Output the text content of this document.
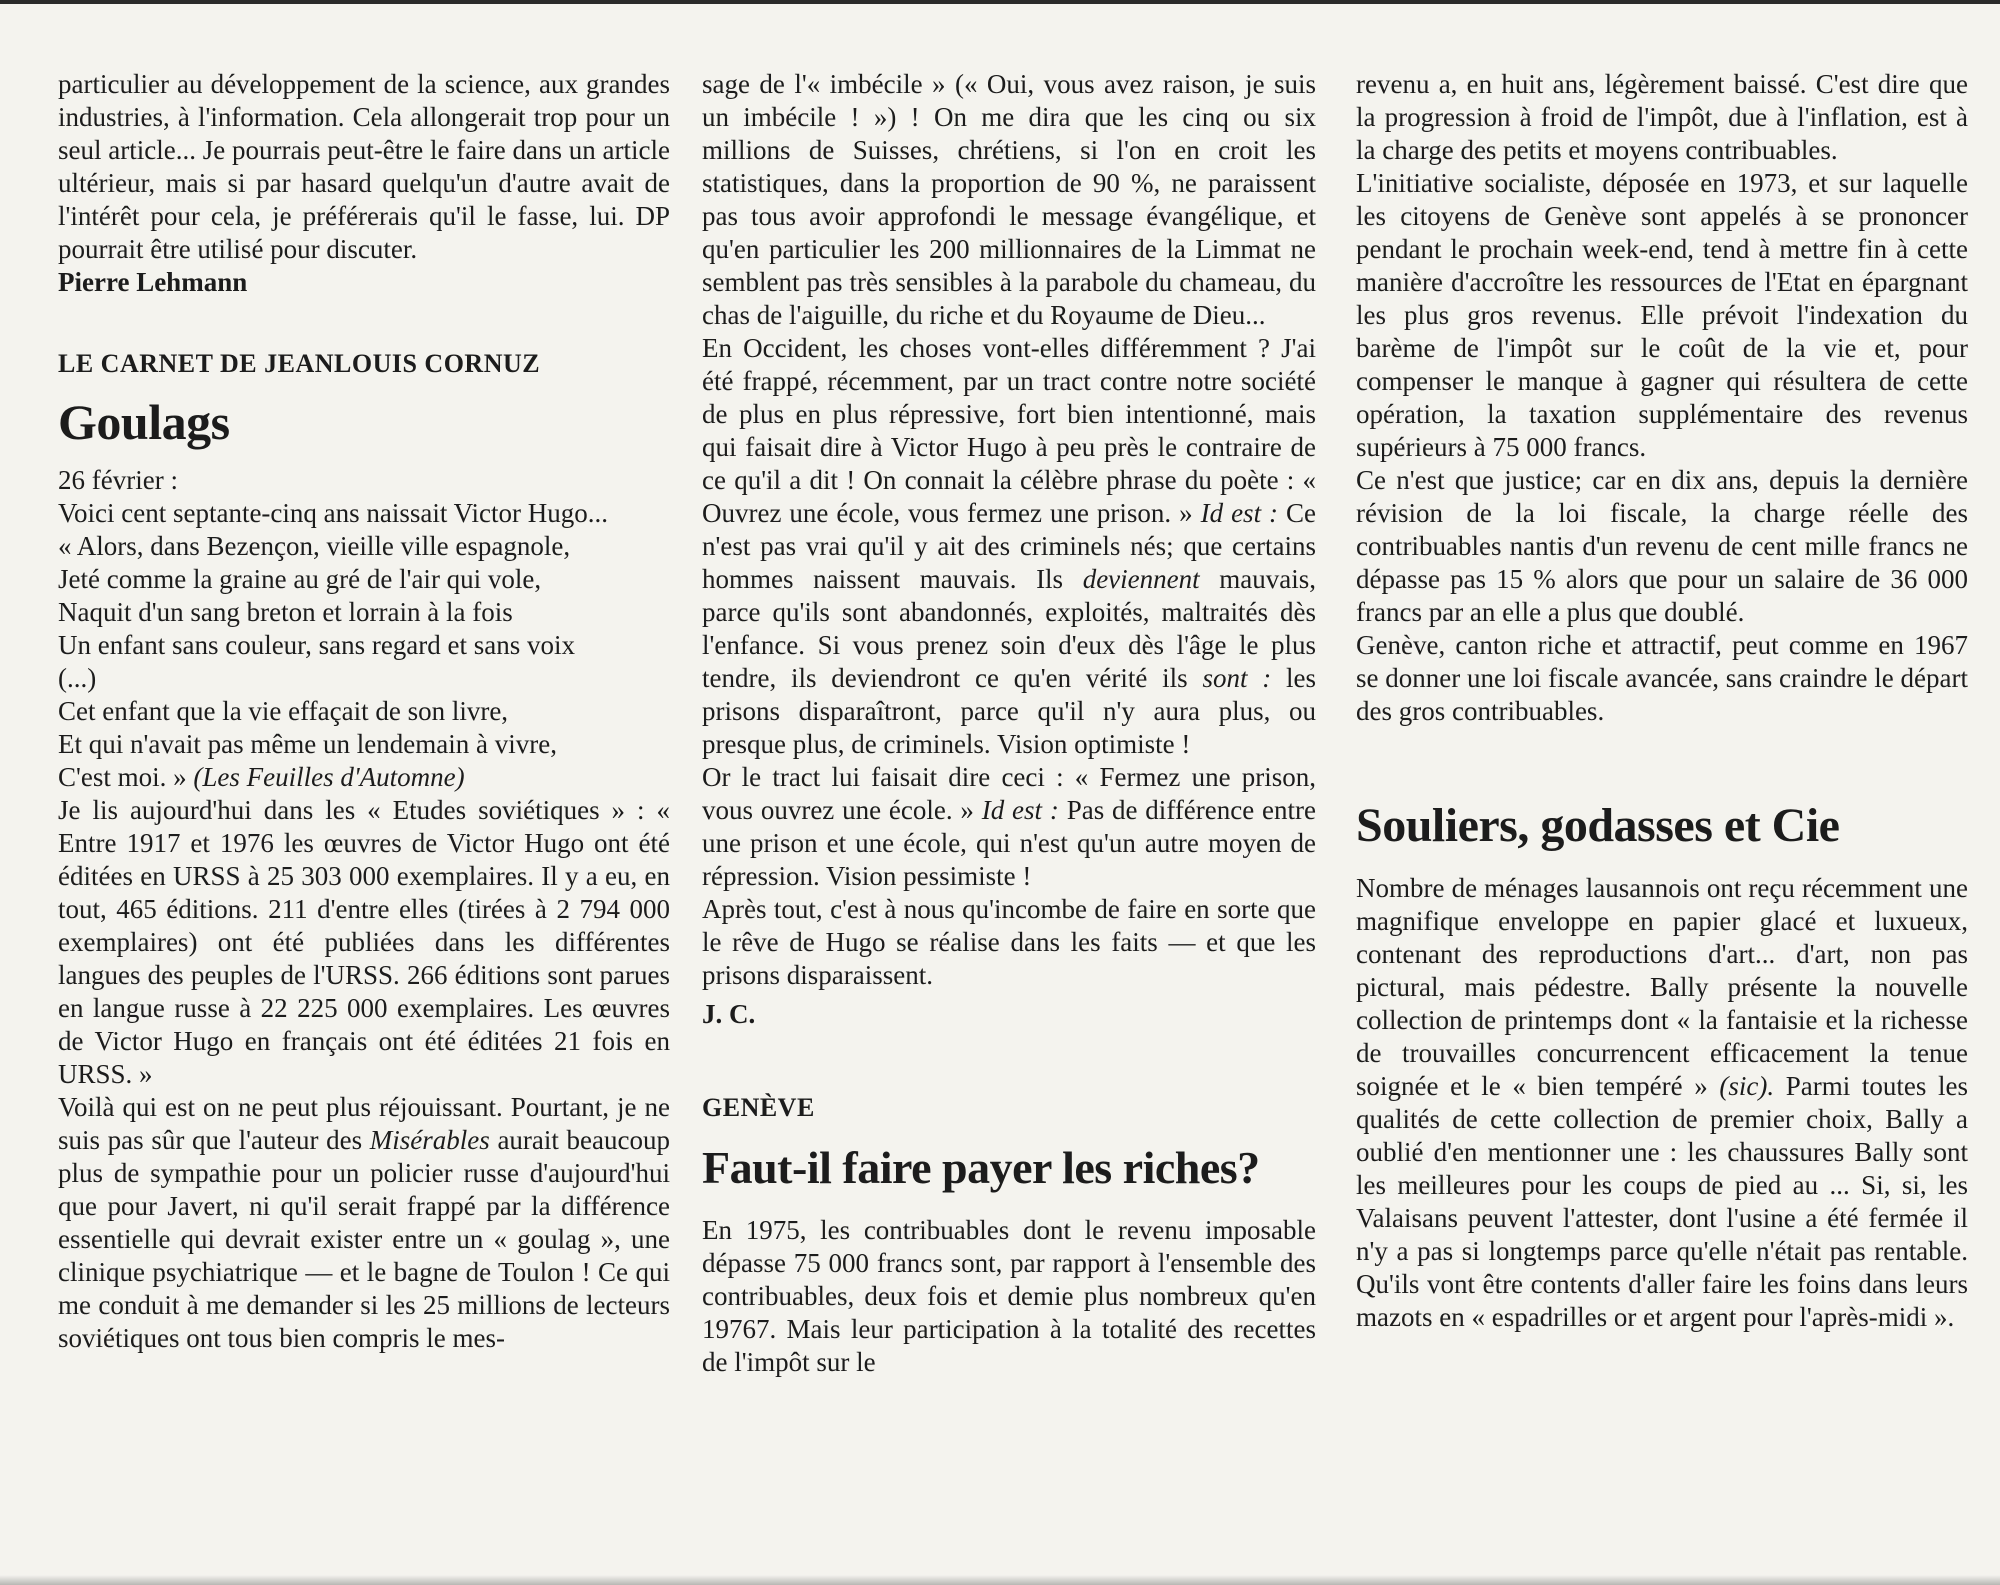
particulier au développement de la science, aux grandes industries, à l'information. Cela allongerait trop pour un seul article... Je pourrais peut-être le faire dans un article ultérieur, mais si par hasard quelqu'un d'autre avait de l'intérêt pour cela, je préférerais qu'il le fasse, lui. DP pourrait être utilisé pour discuter.

Pierre Lehmann

LE CARNET DE JEANLOUIS CORNUZ

Goulags

26 février :

Voici cent septante-cinq ans naissait Victor Hugo...

« Alors, dans Bezençon, vieille ville espagnole,

Jeté comme la graine au gré de l'air qui vole,

Naquit d'un sang breton et lorrain à la fois

Un enfant sans couleur, sans regard et sans voix

(...)

Cet enfant que la vie effaçait de son livre,

Et qui n'avait pas même un lendemain à vivre,

C'est moi. » (Les Feuilles d'Automne)

Je lis aujourd'hui dans les « Etudes soviétiques » : « Entre 1917 et 1976 les œuvres de Victor Hugo ont été éditées en URSS à 25 303 000 exemplaires. Il y a eu, en tout, 465 éditions. 211 d'entre elles (tirées à 2 794 000 exemplaires) ont été publiées dans les différentes langues des peuples de l'URSS. 266 éditions sont parues en langue russe à 22 225 000 exemplaires. Les œuvres de Victor Hugo en français ont été éditées 21 fois en URSS. »

Voilà qui est on ne peut plus réjouissant. Pourtant, je ne suis pas sûr que l'auteur des Misérables aurait beaucoup plus de sympathie pour un policier russe d'aujourd'hui que pour Javert, ni qu'il serait frappé par la différence essentielle qui devrait exister entre un « goulag », une clinique psychiatrique — et le bagne de Toulon ! Ce qui me conduit à me demander si les 25 millions de lecteurs soviétiques ont tous bien compris le mes-

sage de l'« imbécile » (« Oui, vous avez raison, je suis un imbécile ! ») ! On me dira que les cinq ou six millions de Suisses, chrétiens, si l'on en croit les statistiques, dans la proportion de 90 %, ne paraissent pas tous avoir approfondi le message évangélique, et qu'en particulier les 200 millionnaires de la Limmat ne semblent pas très sensibles à la parabole du chameau, du chas de l'aiguille, du riche et du Royaume de Dieu...

En Occident, les choses vont-elles différemment ? J'ai été frappé, récemment, par un tract contre notre société de plus en plus répressive, fort bien intentionné, mais qui faisait dire à Victor Hugo à peu près le contraire de ce qu'il a dit ! On connait la célèbre phrase du poète : « Ouvrez une école, vous fermez une prison. » Id est : Ce n'est pas vrai qu'il y ait des criminels nés; que certains hommes naissent mauvais. Ils deviennent mauvais, parce qu'ils sont abandonnés, exploités, maltraités dès l'enfance. Si vous prenez soin d'eux dès l'âge le plus tendre, ils deviendront ce qu'en vérité ils sont : les prisons disparaîtront, parce qu'il n'y aura plus, ou presque plus, de criminels. Vision optimiste !

Or le tract lui faisait dire ceci : « Fermez une prison, vous ouvrez une école. » Id est : Pas de différence entre une prison et une école, qui n'est qu'un autre moyen de répression. Vision pessimiste !

Après tout, c'est à nous qu'incombe de faire en sorte que le rêve de Hugo se réalise dans les faits — et que les prisons disparaissent.

J. C.

GENÈVE

Faut-il faire payer les riches?

En 1975, les contribuables dont le revenu imposable dépasse 75 000 francs sont, par rapport à l'ensemble des contribuables, deux fois et demie plus nombreux qu'en 19767. Mais leur participation à la totalité des recettes de l'impôt sur le

revenu a, en huit ans, légèrement baissé. C'est dire que la progression à froid de l'impôt, due à l'inflation, est à la charge des petits et moyens contribuables.

L'initiative socialiste, déposée en 1973, et sur laquelle les citoyens de Genève sont appelés à se prononcer pendant le prochain week-end, tend à mettre fin à cette manière d'accroître les ressources de l'Etat en épargnant les plus gros revenus. Elle prévoit l'indexation du barème de l'impôt sur le coût de la vie et, pour compenser le manque à gagner qui résultera de cette opération, la taxation supplémentaire des revenus supérieurs à 75 000 francs.

Ce n'est que justice; car en dix ans, depuis la dernière révision de la loi fiscale, la charge réelle des contribuables nantis d'un revenu de cent mille francs ne dépasse pas 15 % alors que pour un salaire de 36 000 francs par an elle a plus que doublé.

Genève, canton riche et attractif, peut comme en 1967 se donner une loi fiscale avancée, sans craindre le départ des gros contribuables.

Souliers, godasses et Cie

Nombre de ménages lausannois ont reçu récemment une magnifique enveloppe en papier glacé et luxueux, contenant des reproductions d'art... d'art, non pas pictural, mais pédestre. Bally présente la nouvelle collection de printemps dont « la fantaisie et la richesse de trouvailles concurrencent efficacement la tenue soignée et le « bien tempéré » (sic). Parmi toutes les qualités de cette collection de premier choix, Bally a oublié d'en mentionner une : les chaussures Bally sont les meilleures pour les coups de pied au ... Si, si, les Valaisans peuvent l'attester, dont l'usine a été fermée il n'y a pas si longtemps parce qu'elle n'était pas rentable. Qu'ils vont être contents d'aller faire les foins dans leurs mazots en « espadrilles or et argent pour l'après-midi ».
